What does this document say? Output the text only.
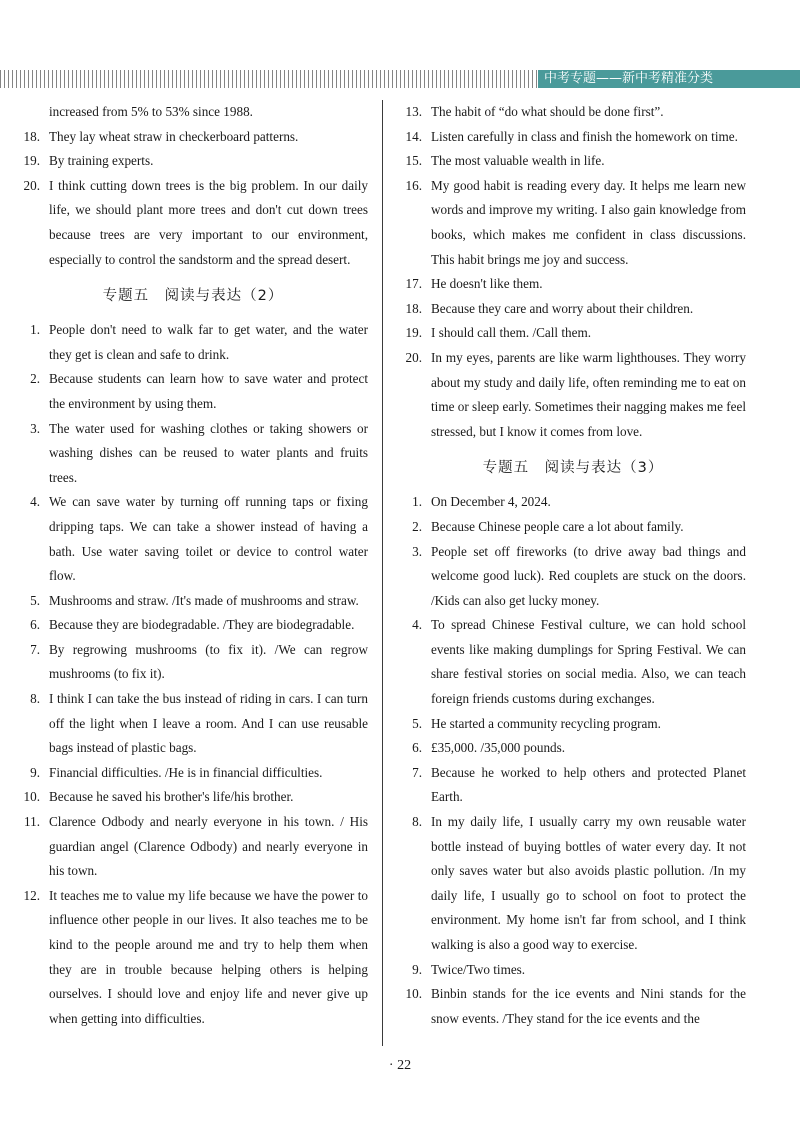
中考专题——新中考精准分类
increased from 5% to 53% since 1988.
18. They lay wheat straw in checkerboard patterns.
19. By training experts.
20. I think cutting down trees is the big problem. In our daily life, we should plant more trees and don't cut down trees because trees are very important to our environment, especially to control the sandstorm and the spread desert.
专题五　阅读与表达（2）
1. People don't need to walk far to get water, and the water they get is clean and safe to drink.
2. Because students can learn how to save water and protect the environment by using them.
3. The water used for washing clothes or taking showers or washing dishes can be reused to water plants and fruits trees.
4. We can save water by turning off running taps or fixing dripping taps. We can take a shower instead of having a bath. Use water saving toilet or device to control water flow.
5. Mushrooms and straw. /It's made of mushrooms and straw.
6. Because they are biodegradable. /They are biodegradable.
7. By regrowing mushrooms (to fix it). /We can regrow mushrooms (to fix it).
8. I think I can take the bus instead of riding in cars. I can turn off the light when I leave a room. And I can use reusable bags instead of plastic bags.
9. Financial difficulties. /He is in financial difficulties.
10. Because he saved his brother's life/his brother.
11. Clarence Odbody and nearly everyone in his town. / His guardian angel (Clarence Odbody) and nearly everyone in his town.
12. It teaches me to value my life because we have the power to influence other people in our lives. It also teaches me to be kind to the people around me and try to help them when they are in trouble because helping others is helping ourselves. I should love and enjoy life and never give up when getting into difficulties.
13. The habit of “do what should be done first”.
14. Listen carefully in class and finish the homework on time.
15. The most valuable wealth in life.
16. My good habit is reading every day. It helps me learn new words and improve my writing. I also gain knowledge from books, which makes me confident in class discussions. This habit brings me joy and success.
17. He doesn't like them.
18. Because they care and worry about their children.
19. I should call them. /Call them.
20. In my eyes, parents are like warm lighthouses. They worry about my study and daily life, often reminding me to eat on time or sleep early. Sometimes their nagging makes me feel stressed, but I know it comes from love.
专题五　阅读与表达（3）
1. On December 4, 2024.
2. Because Chinese people care a lot about family.
3. People set off fireworks (to drive away bad things and welcome good luck). Red couplets are stuck on the doors. /Kids can also get lucky money.
4. To spread Chinese Festival culture, we can hold school events like making dumplings for Spring Festival. We can share festival stories on social media. Also, we can teach foreign friends customs during exchanges.
5. He started a community recycling program.
6. £35,000. /35,000 pounds.
7. Because he worked to help others and protected Planet Earth.
8. In my daily life, I usually carry my own reusable water bottle instead of buying bottles of water every day. It not only saves water but also avoids plastic pollution. /In my daily life, I usually go to school on foot to protect the environment. My home isn't far from school, and I think walking is also a good way to exercise.
9. Twice/Two times.
10. Binbin stands for the ice events and Nini stands for the snow events. /They stand for the ice events and the
· 22
